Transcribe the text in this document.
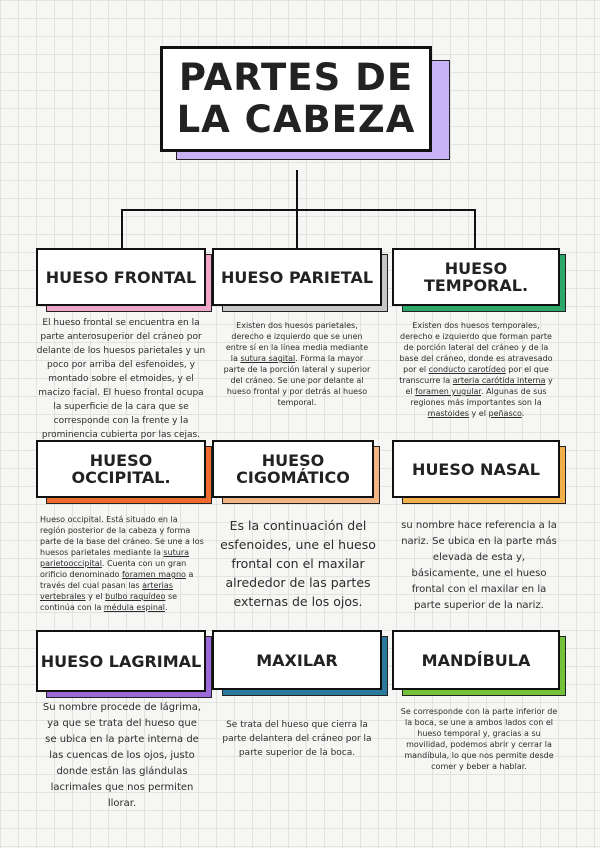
PARTES DE
LA CABEZA
HUESO FRONTAL
El hueso frontal se encuentra en la parte anterosuperior del cráneo por delante de los huesos parietales y un poco por arriba del esfenoides, y montado sobre el etmoides, y el macizo facial. El hueso frontal ocupa la superficie de la cara que se corresponde con la frente y la prominencia cubierta por las cejas.
HUESO PARIETAL
Existen dos huesos parietales, derecho e izquierdo que se unen entre sí en la línea media mediante la sutura sagital. Forma la mayor parte de la porción lateral y superior del cráneo. Se une por delante al hueso frontal y por detrás al hueso temporal.
HUESO TEMPORAL.
Existen dos huesos temporales, derecho e izquierdo que forman parte de porción lateral del cráneo y de la base del cráneo, donde es atravesado por el conducto carotídeo por el que transcurre la arteria carótida interna y el foramen yugular. Algunas de sus regiones más importantes son la mastoides y el peñasco.
HUESO OCCIPITAL.
Hueso occipital. Está situado en la región posterior de la cabeza y forma parte de la base del cráneo. Se une a los huesos parietales mediante la sutura parietooccipital. Cuenta con un gran orificio denominado foramen magno a través del cual pasan las arterias vertebrales y el bulbo raquídeo se continúa con la médula espinal.
HUESO
CIGOMÁTICO
Es la continuación del esfenoides, une el hueso frontal con el maxilar alrededor de las partes externas de los ojos.
HUESO NASAL
su nombre hace referencia a la nariz. Se ubica en la parte más elevada de esta y, básicamente, une el hueso frontal con el maxilar en la parte superior de la nariz.
HUESO LAGRIMAL
Su nombre procede de lágrima, ya que se trata del hueso que se ubica en la parte interna de las cuencas de los ojos, justo donde están las glándulas lacrimales que nos permiten llorar.
MAXILAR
Se trata del hueso que cierra la parte delantera del cráneo por la parte superior de la boca.
MANDÍBULA
Se corresponde con la parte inferior de la boca, se une a ambos lados con el hueso temporal y, gracias a su movilidad, podemos abrir y cerrar la mandíbula, lo que nos permite desde comer y beber a hablar.
